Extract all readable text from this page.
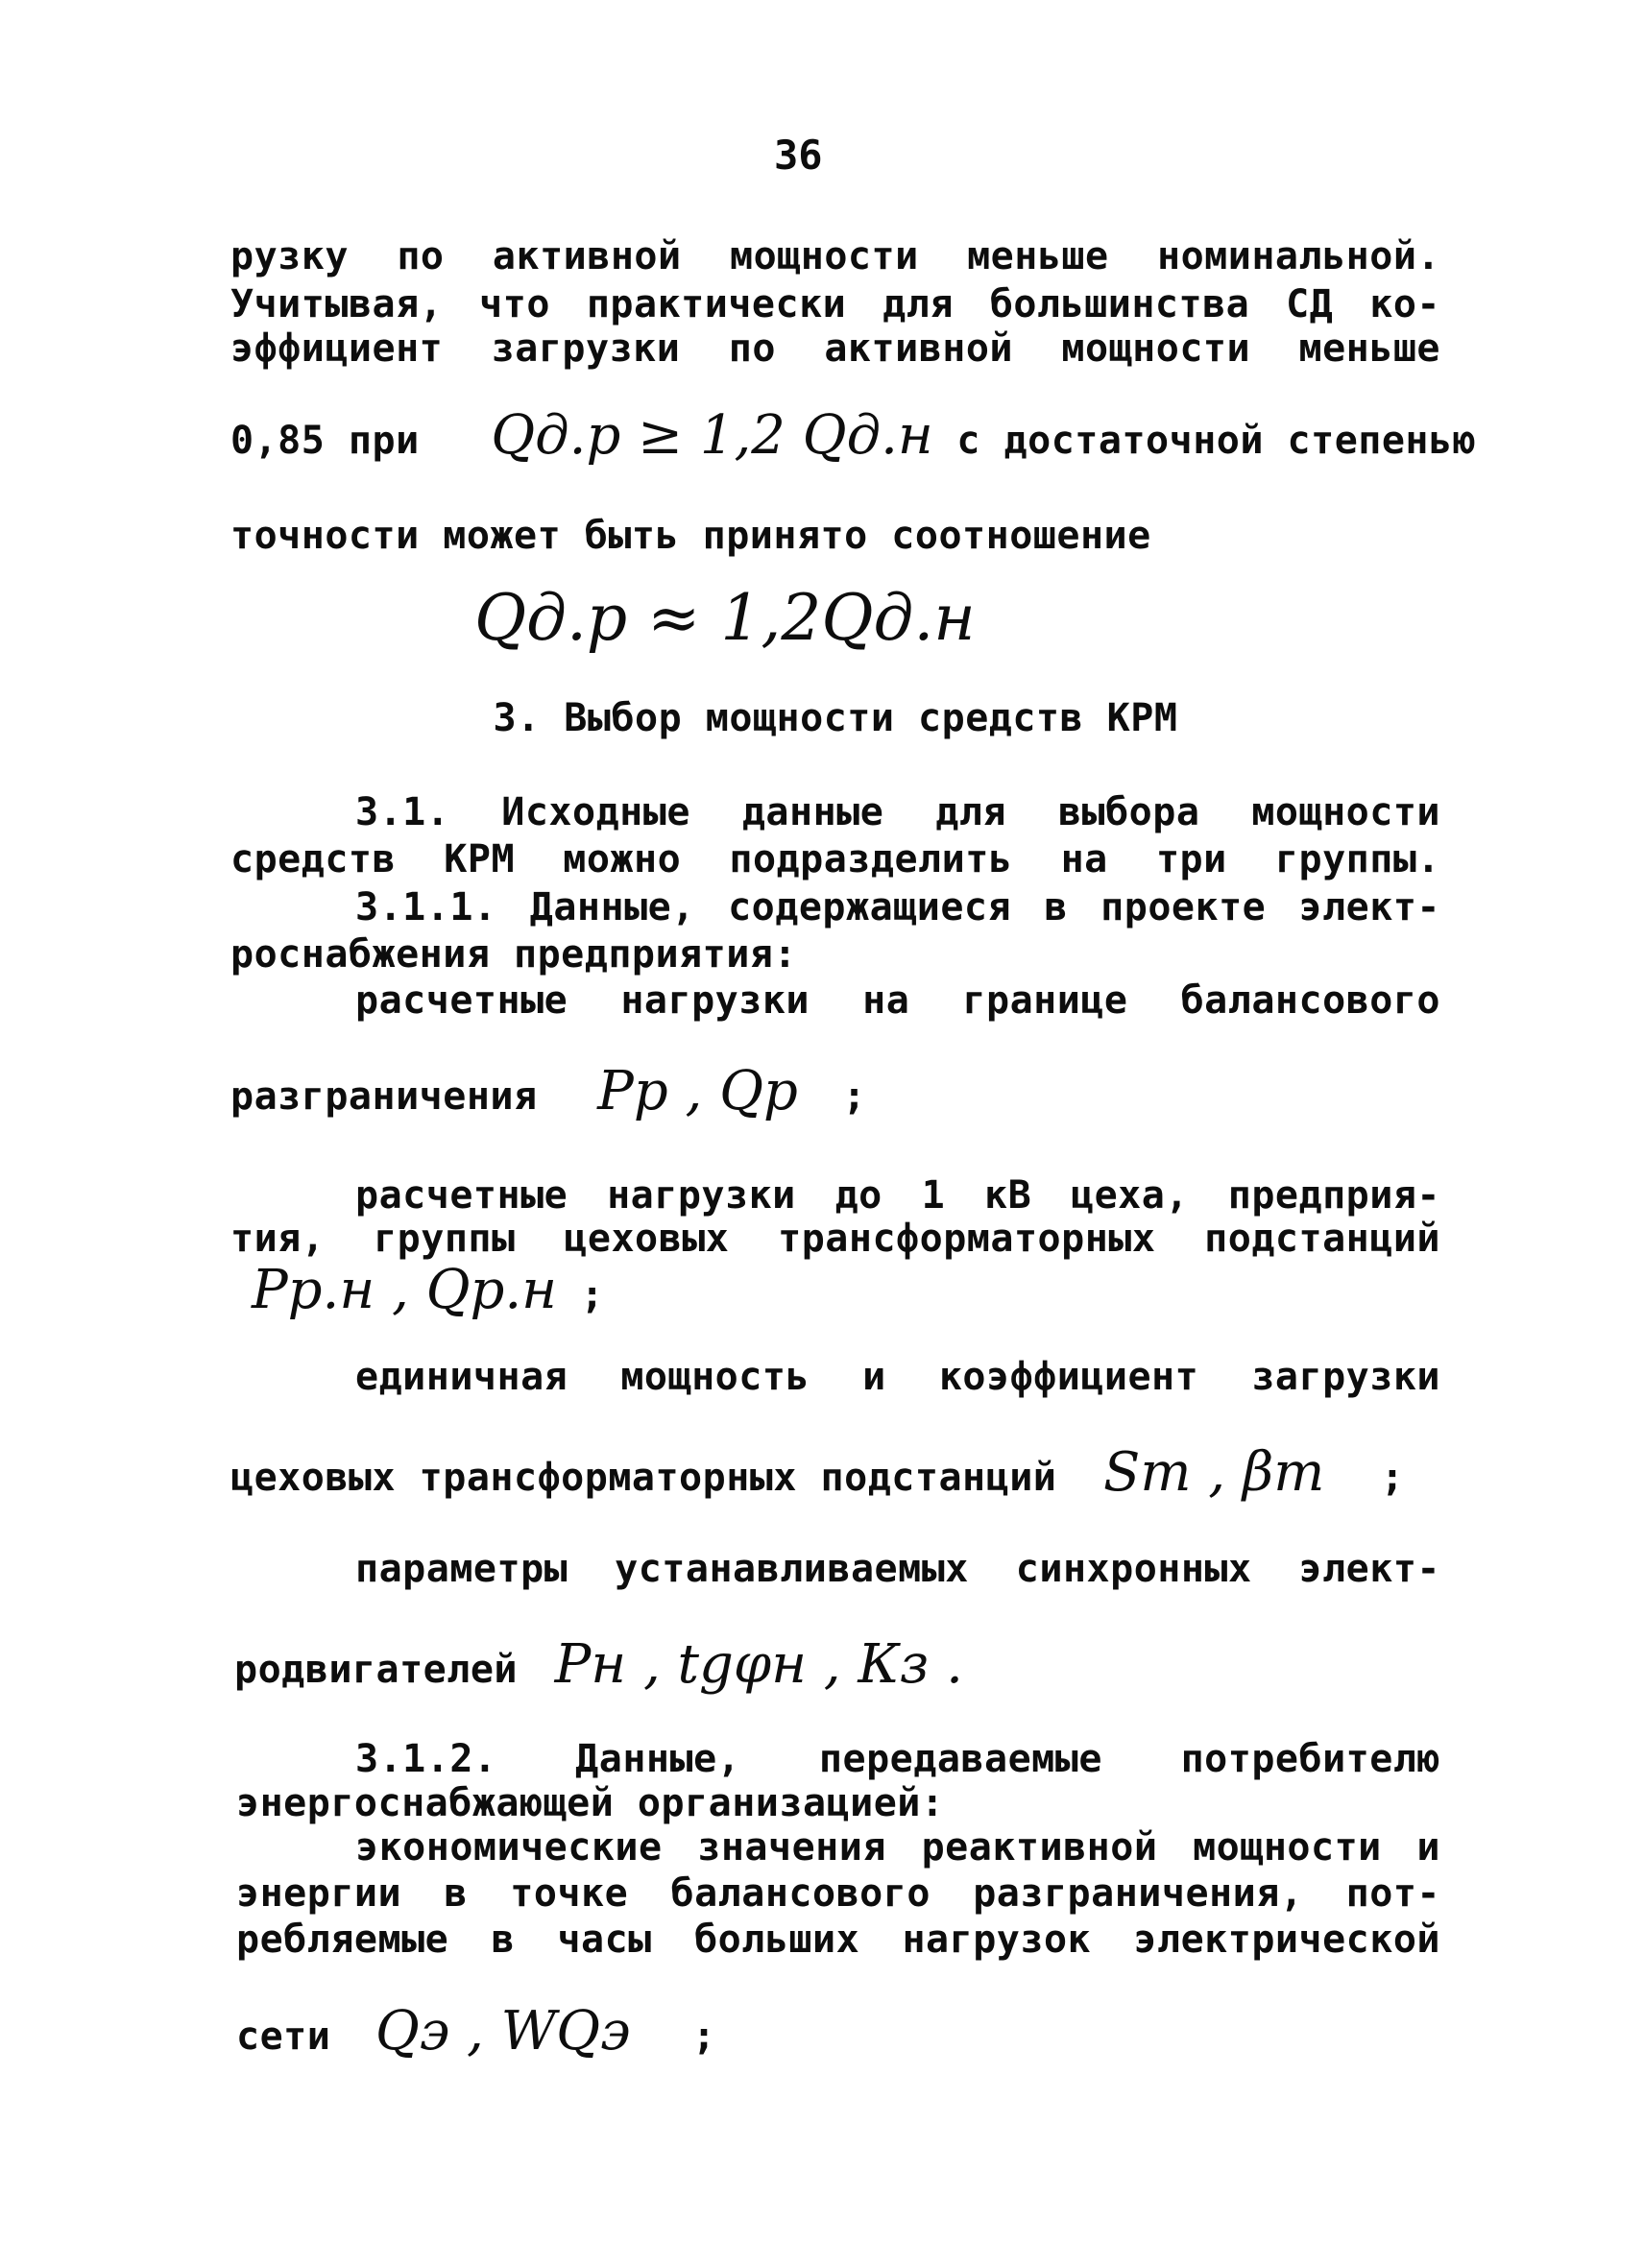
36
рузку по активной мощности меньше номинальной.
Учитывая, что практически для большинства СД ко-
эффициент загрузки по активной мощности меньше
0,85 при Qд.р ≥ 1,2 Qд.н с достаточной степенью
точности может быть принято соотношение
Qд.р ≈ 1,2Qд.н
3. Выбор мощности средств КРМ
3.1. Исходные данные для выбора мощности
средств КРМ можно подразделить на три группы.
3.1.1. Данные, содержащиеся в проекте элект-
роснабжения предприятия:
расчетные нагрузки на границе балансового
разграничения Pр , Qр ;
расчетные нагрузки до 1 кВ цеха, предприя-
тия, группы цеховых трансформаторных подстанций
Pр.н , Qр.н ;
единичная мощность и коэффициент загрузки
цеховых трансформаторных подстанций Sт , βт ;
параметры устанавливаемых синхронных элект-
родвигателей Pн , tgφн , Кз .
3.1.2. Данные, передаваемые потребителю
энергоснабжающей организацией:
экономические значения реактивной мощности и
энергии в точке балансового разграничения, пот-
ребляемые в часы больших нагрузок электрической
сети Qэ , WQэ ;
